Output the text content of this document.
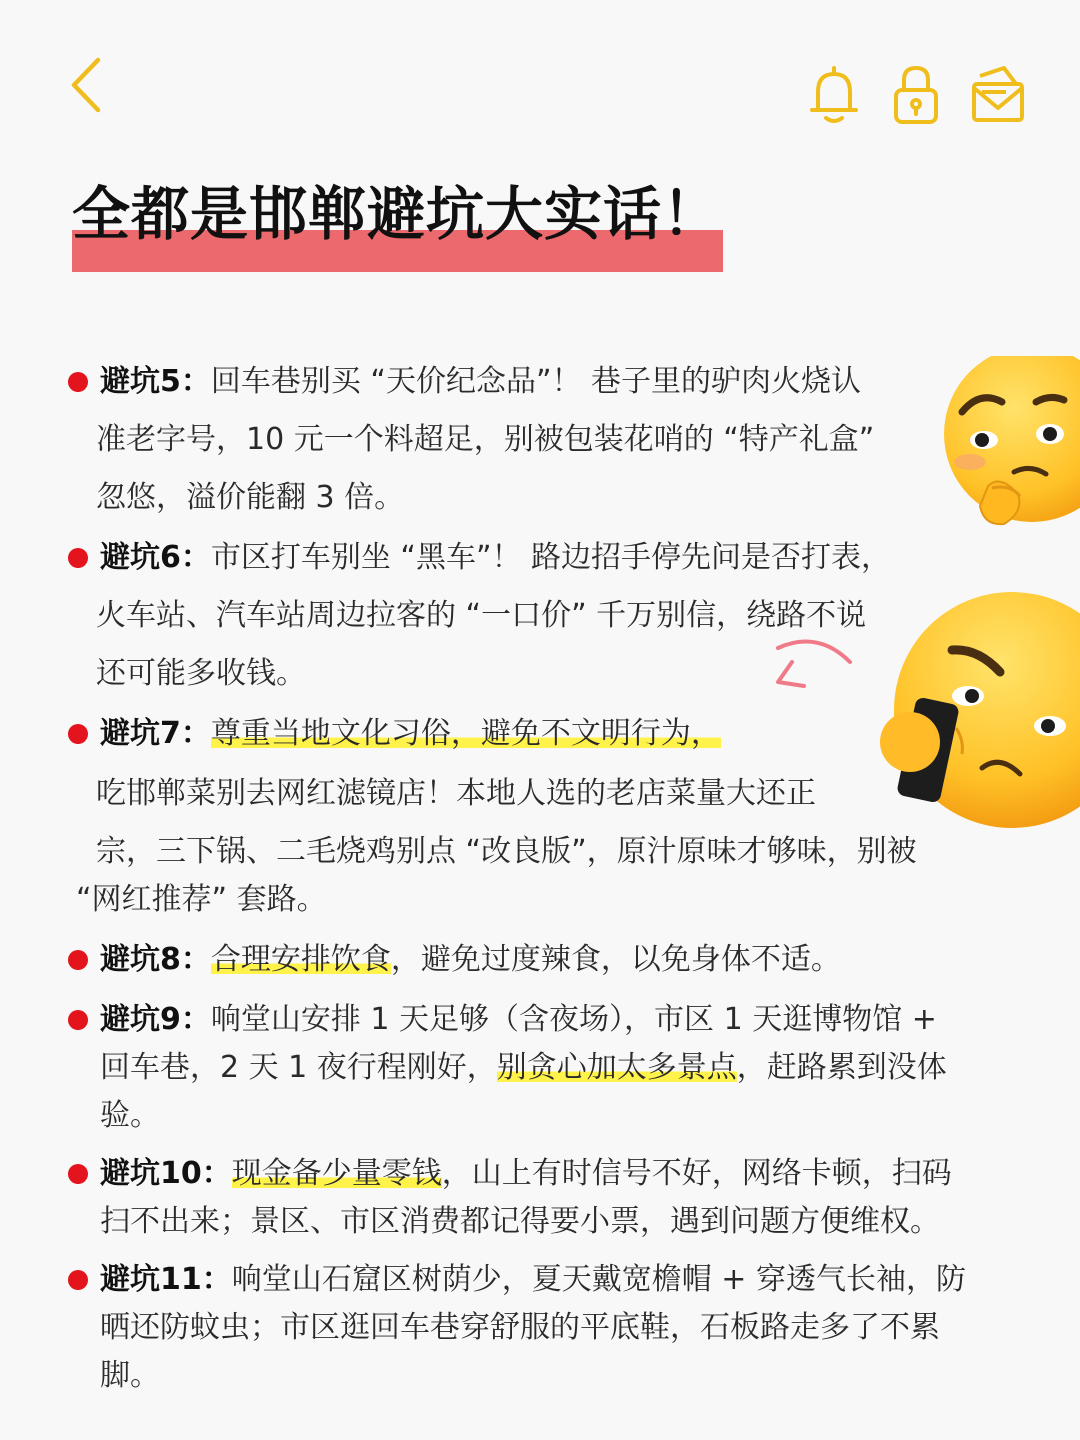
全都是邯郸避坑大实话！
避坑5：回车巷别买 “天价纪念品”！ 巷子里的驴肉火烧认
准老字号，10 元一个料超足，别被包装花哨的 “特产礼盒”
忽悠，溢价能翻 3 倍。
避坑6：市区打车别坐 “黑车”！ 路边招手停先问是否打表，
火车站、汽车站周边拉客的 “一口价” 千万别信，绕路不说
还可能多收钱。
避坑7：尊重当地文化习俗，避免不文明行为，
吃邯郸菜别去网红滤镜店！本地人选的老店菜量大还正
宗，三下锅、二毛烧鸡别点 “改良版”，原汁原味才够味，别被
“网红推荐” 套路。
避坑8：合理安排饮食，避免过度辣食，以免身体不适。
避坑9：响堂山安排 1 天足够（含夜场），市区 1 天逛博物馆 +
回车巷，2 天 1 夜行程刚好，别贪心加太多景点，赶路累到没体
验。
避坑10：现金备少量零钱，山上有时信号不好，网络卡顿，扫码
扫不出来；景区、市区消费都记得要小票，遇到问题方便维权。
避坑11：响堂山石窟区树荫少，夏天戴宽檐帽 + 穿透气长袖，防
晒还防蚊虫；市区逛回车巷穿舒服的平底鞋，石板路走多了不累
脚。
